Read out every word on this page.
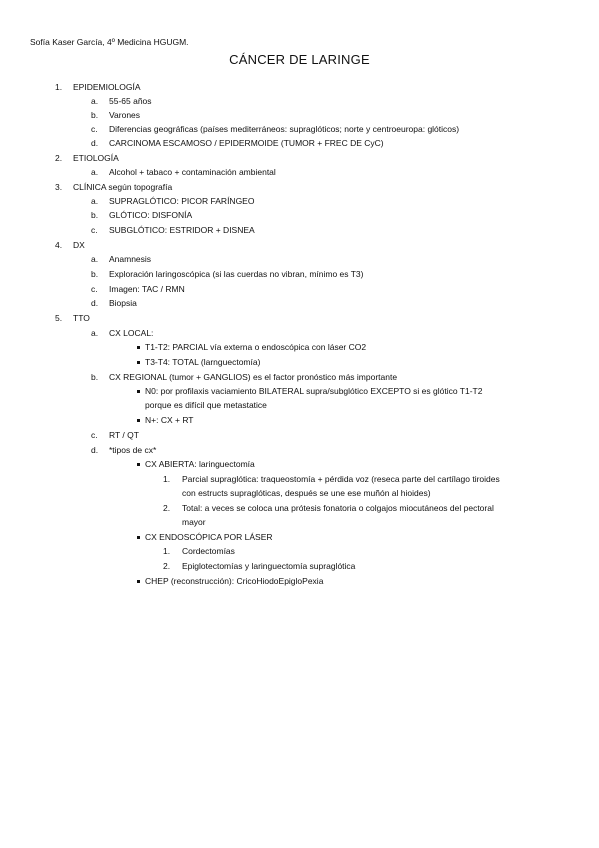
Sofía Kaser García, 4º Medicina HGUGM.
CÁNCER DE LARINGE
1. EPIDEMIOLOGÍA
a. 55-65 años
b. Varones
c. Diferencias geográficas (países mediterráneos: supraglóticos; norte y centroeuropa: glóticos)
d. CARCINOMA ESCAMOSO / EPIDERMOIDE (TUMOR + FREC DE CyC)
2. ETIOLOGÍA
a. Alcohol + tabaco + contaminación ambiental
3. CLÍNICA según topografía
a. SUPRAGLÓTICO: PICOR FARÍNGEO
b. GLÓTICO: DISFONÍA
c. SUBGLÓTICO: ESTRIDOR + DISNEA
4. DX
a. Anamnesis
b. Exploración laringoscópica (si las cuerdas no vibran, mínimo es T3)
c. Imagen: TAC / RMN
d. Biopsia
5. TTO
a. CX LOCAL:
T1-T2: PARCIAL vía externa o endoscópica con láser CO2
T3-T4: TOTAL (larnguectomía)
b. CX REGIONAL (tumor + GANGLIOS) es el factor pronóstico más importante
N0: por profilaxis vaciamiento BILATERAL supra/subglótico EXCEPTO si es glótico T1-T2
porque es difícil que metastatice
N+: CX + RT
c. RT / QT
d. *tipos de cx*
CX ABIERTA: laringuectomía
1. Parcial supraglótica: traqueostomía + pérdida voz (reseca parte del cartílago tiroides
con estructs supraglóticas, después se une ese muñón al hioides)
2. Total: a veces se coloca una prótesis fonatoria o colgajos miocutáneos del pectoral
mayor
CX ENDOSCÓPICA POR LÁSER
1. Cordectomías
2. Epiglotectomías y laringuectomía supraglótica
CHEP (reconstrucción): CricoHiodoEpigloPexia
